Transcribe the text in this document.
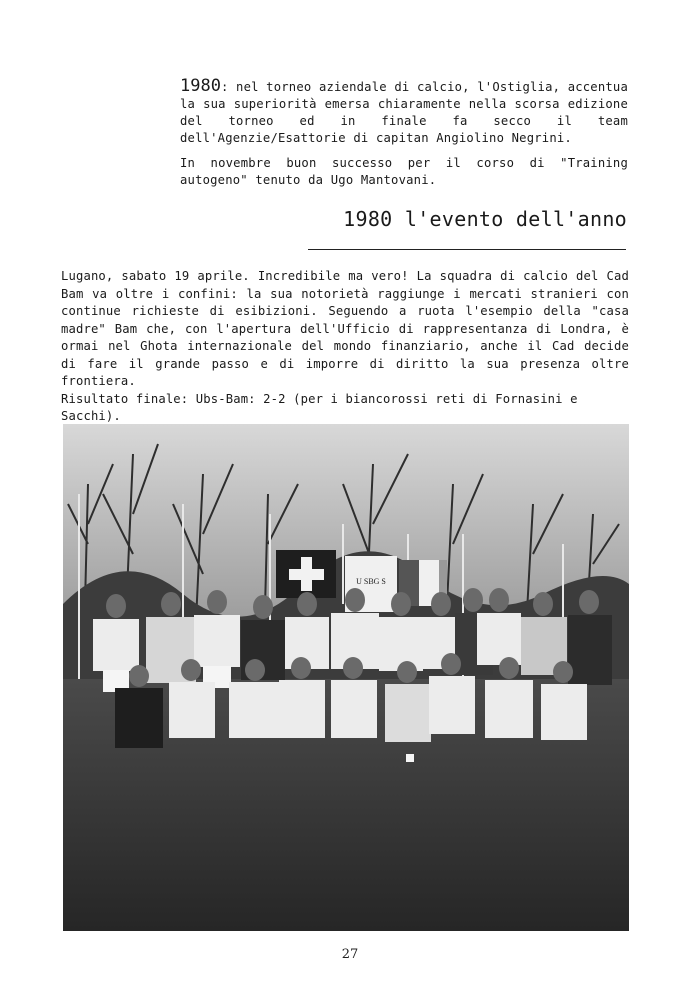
1980: nel torneo aziendale di calcio, l'Ostiglia, accentua la sua superiorità emersa chiaramente nella scorsa edizione del torneo ed in finale fa secco il team dell'Agenzie/Esattorie di capitan Angiolino Negrini.

In novembre buon successo per il corso di "Training autogeno" tenuto da Ugo Mantovani.

1980 l'evento dell'anno

Lugano, sabato 19 aprile. Incredibile ma vero! La squadra di calcio del Cad Bam va oltre i confini: la sua notorietà raggiunge i mercati stranieri con continue richieste di esibizioni. Seguendo a ruota l'esempio della "casa madre" Bam che, con l'apertura dell'Ufficio di rappresentanza di Londra, è ormai nel Ghota internazionale del mondo finanziario, anche il Cad decide di fare il grande passo e di imporre di diritto la sua presenza oltre frontiera.

Risultato finale: Ubs-Bam: 2-2 (per i biancorossi reti di Fornasini e Sacchi).

U SBG S
27
